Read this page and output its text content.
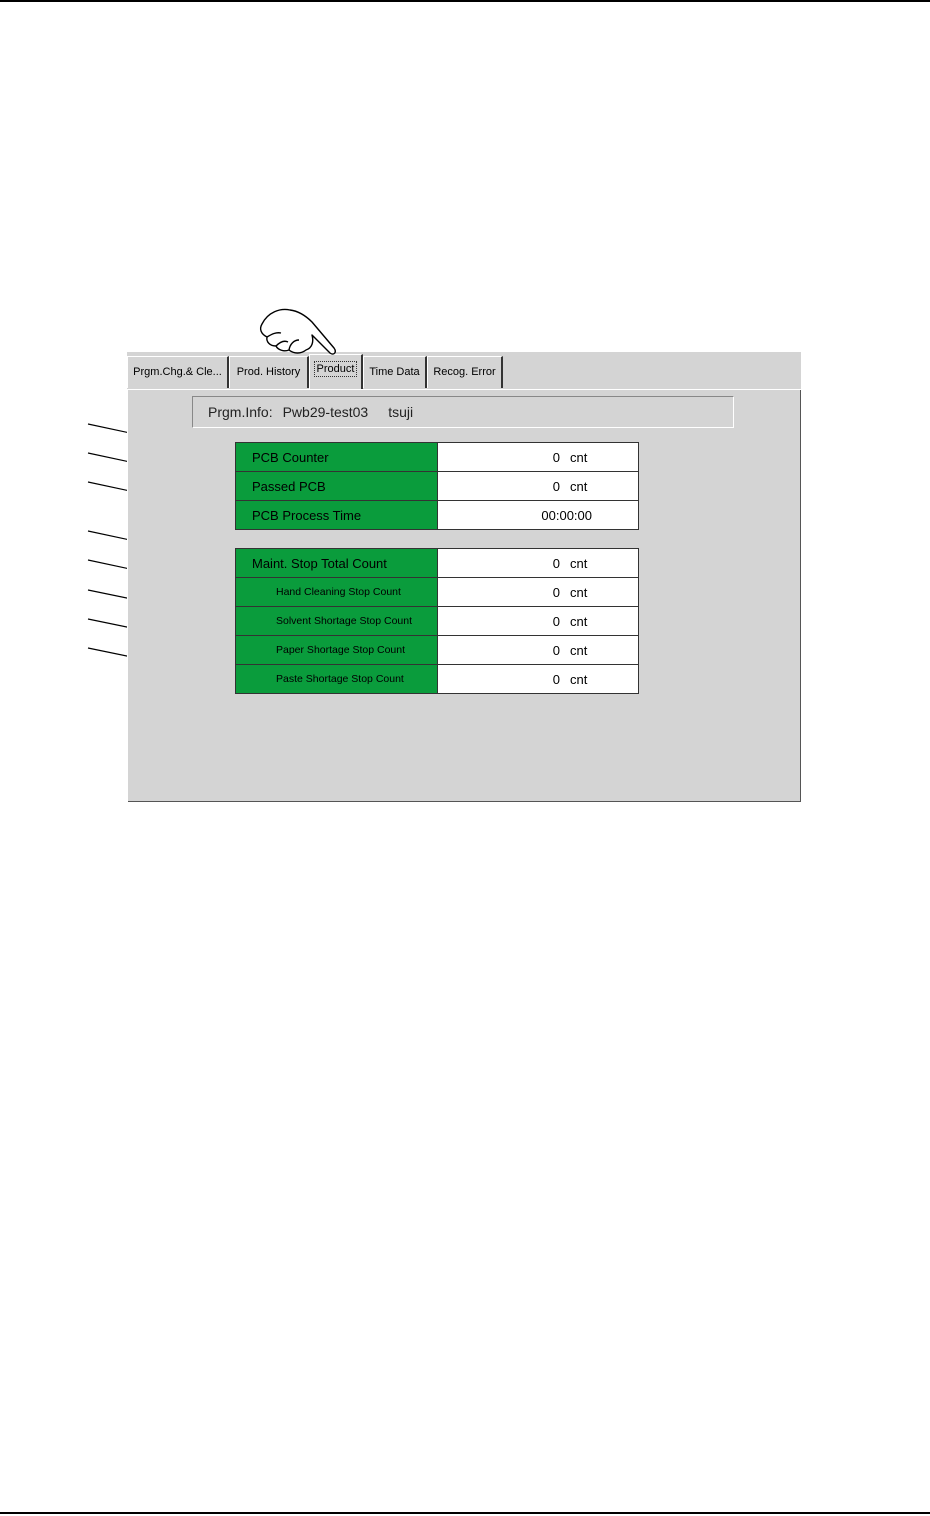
Prgm.Chg.& Cle...	Prod. History	Product	Time Data	Recog. Error
Prgm.Info: Pwb29-test03 tsuji
PCB Counter	0 cnt
Passed PCB	0 cnt
PCB Process Time	00:00:00
Maint. Stop Total Count	0 cnt
Hand Cleaning Stop Count	0 cnt
Solvent Shortage Stop Count	0 cnt
Paper Shortage Stop Count	0 cnt
Paste Shortage Stop Count	0 cnt
